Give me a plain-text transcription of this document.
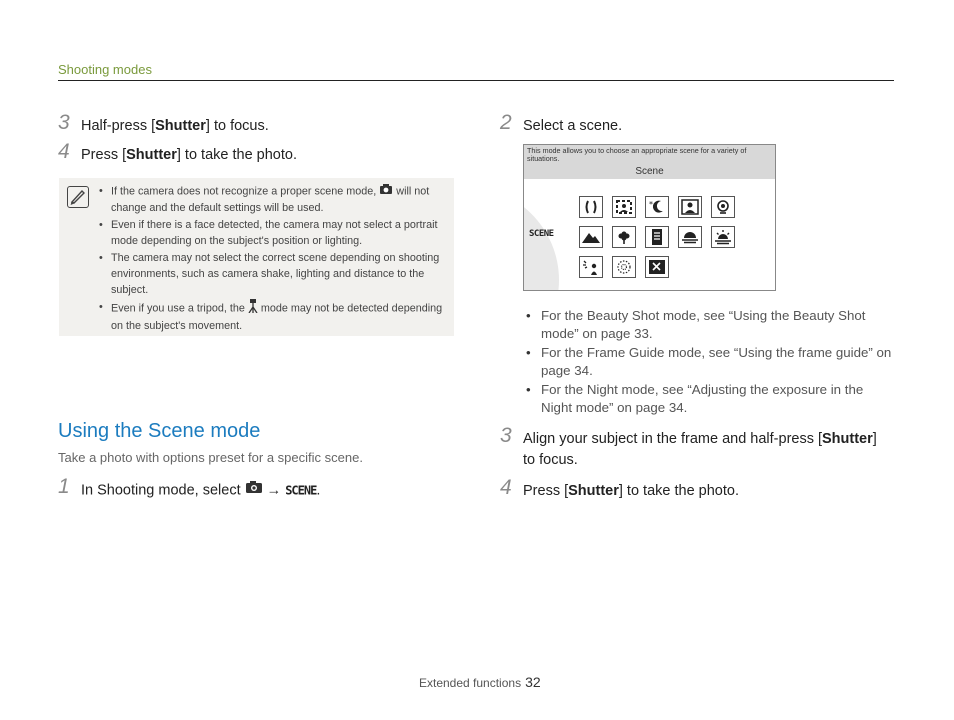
Shooting modes
3 Half-press [Shutter] to focus.
4 Press [Shutter] to take the photo.
• If the camera does not recognize a proper scene mode,  will not change and the default settings will be used.
• Even if there is a face detected, the camera may not select a portrait mode depending on the subject's position or lighting.
• The camera may not select the correct scene depending on shooting environments, such as camera shake, lighting and distance to the subject.
• Even if you use a tripod, the  mode may not be detected depending on the subject's movement.
Using the Scene mode
Take a photo with options preset for a specific scene.
1 In Shooting mode, select  → SCENE.
2 Select a scene.
This mode allows you to choose an appropriate scene for a variety of situations.
Scene
SCENE
*
• For the Beauty Shot mode, see “Using the Beauty Shot mode” on page 33.
• For the Frame Guide mode, see “Using the frame guide” on page 34.
• For the Night mode, see “Adjusting the exposure in the Night mode” on page 34.
3 Align your subject in the frame and half-press [Shutter] to focus.
4 Press [Shutter] to take the photo.
Extended functions 32
